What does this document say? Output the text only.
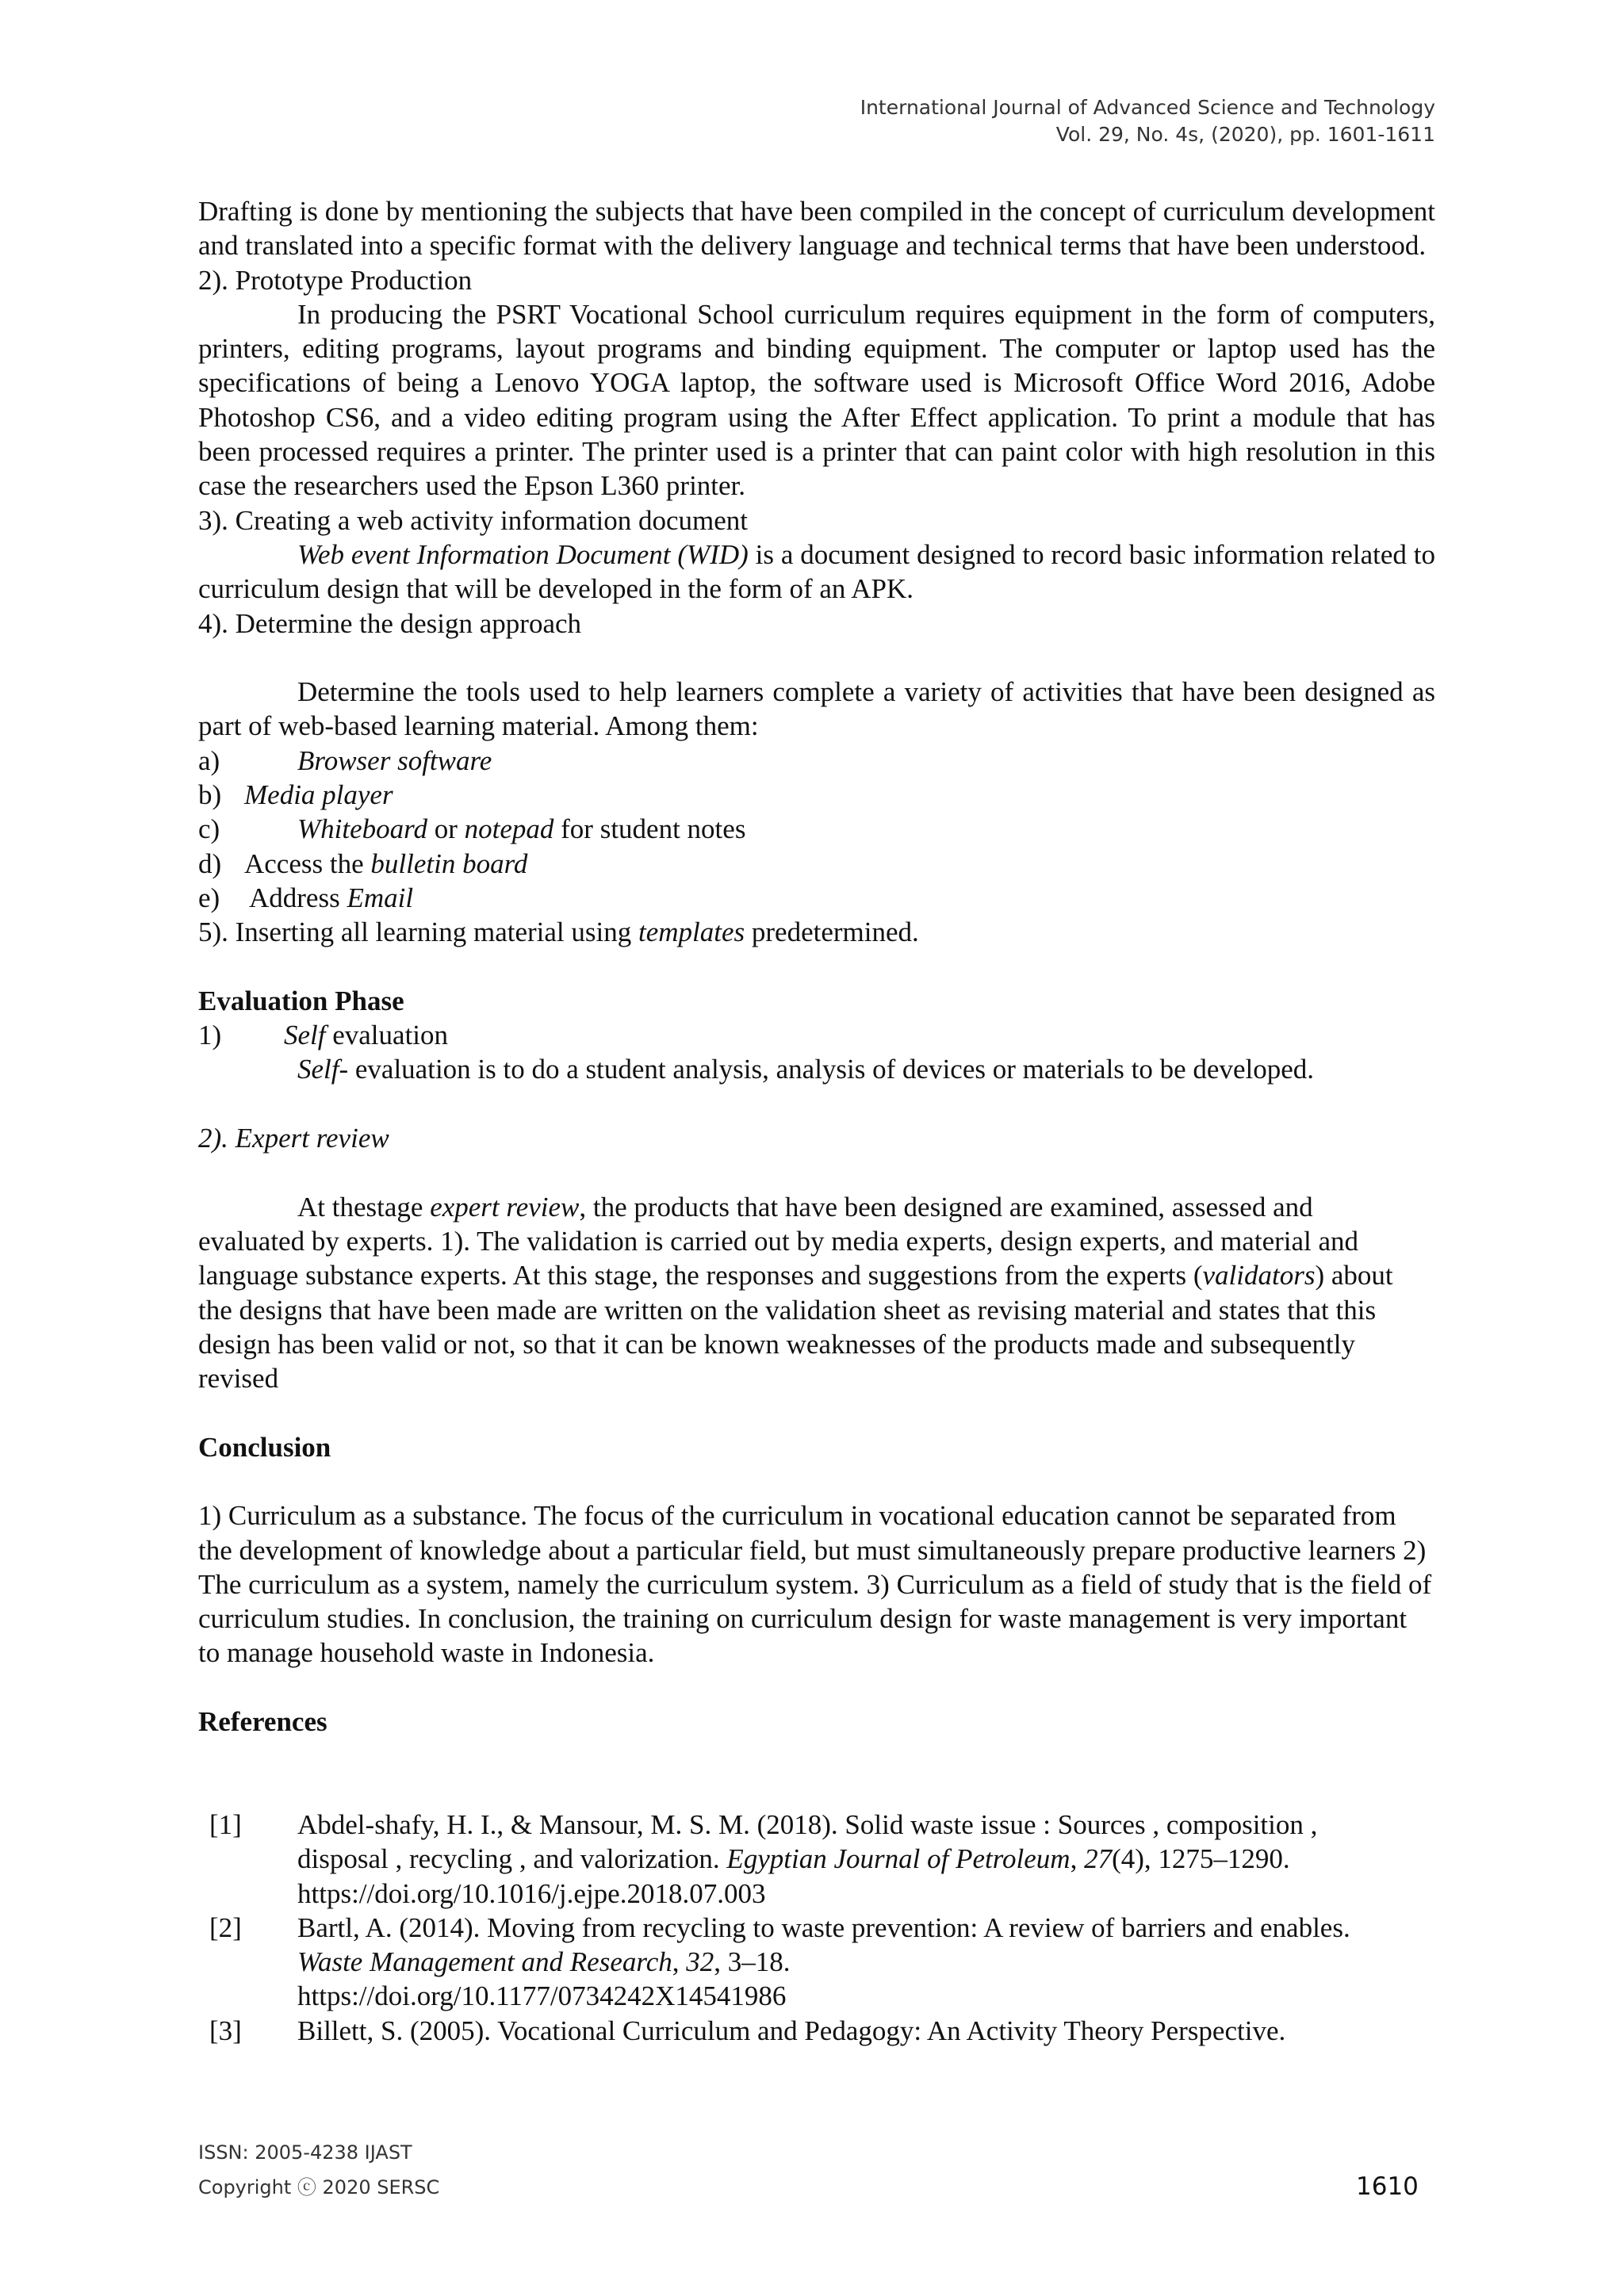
International Journal of Advanced Science and Technology
Vol. 29, No. 4s, (2020), pp. 1601-1611
Drafting is done by mentioning the subjects that have been compiled in the concept of curriculum development and translated into a specific format with the delivery language and technical terms that have been understood.
2). Prototype Production
In producing the PSRT Vocational School curriculum requires equipment in the form of computers, printers, editing programs, layout programs and binding equipment. The computer or laptop used has the specifications of being a Lenovo YOGA laptop, the software used is Microsoft Office Word 2016, Adobe Photoshop CS6, and a video editing program using the After Effect application. To print a module that has been processed requires a printer. The printer used is a printer that can paint color with high resolution in this case the researchers used the Epson L360 printer.
3). Creating a web activity information document
Web event Information Document (WID) is a document designed to record basic information related to curriculum design that will be developed in the form of an APK.
4). Determine the design approach
Determine the tools used to help learners complete a variety of activities that have been designed as part of web-based learning material. Among them:
a)	Browser software
b) Media player
c)	Whiteboard or notepad for student notes
d) Access the bulletin board
e)	Address Email
5). Inserting all learning material using templates predetermined.
Evaluation Phase
1)	Self evaluation
Self- evaluation is to do a student analysis, analysis of devices or materials to be developed.
2). Expert review
At thestage expert review, the products that have been designed are examined, assessed and evaluated by experts. 1). The validation is carried out by media experts, design experts, and material and language substance experts. At this stage, the responses and suggestions from the experts (validators) about the designs that have been made are written on the validation sheet as revising material and states that this design has been valid or not, so that it can be known weaknesses of the products made and subsequently revised
Conclusion
1) Curriculum as a substance. The focus of the curriculum in vocational education cannot be separated from the development of knowledge about a particular field, but must simultaneously prepare productive learners 2) The curriculum as a system, namely the curriculum system. 3) Curriculum as a field of study that is the field of curriculum studies. In conclusion, the training on curriculum design for waste management is very important to manage household waste in Indonesia.
References
[1]	Abdel-shafy, H. I., & Mansour, M. S. M. (2018). Solid waste issue : Sources , composition , disposal , recycling , and valorization. Egyptian Journal of Petroleum, 27(4), 1275–1290.
https://doi.org/10.1016/j.ejpe.2018.07.003
[2]	Bartl, A. (2014). Moving from recycling to waste prevention: A review of barriers and enables. Waste Management and Research, 32, 3–18.
https://doi.org/10.1177/0734242X14541986
[3]	Billett, S. (2005). Vocational Curriculum and Pedagogy: An Activity Theory Perspective.
ISSN: 2005-4238 IJAST
Copyright ⓒ 2020 SERSC	1610
